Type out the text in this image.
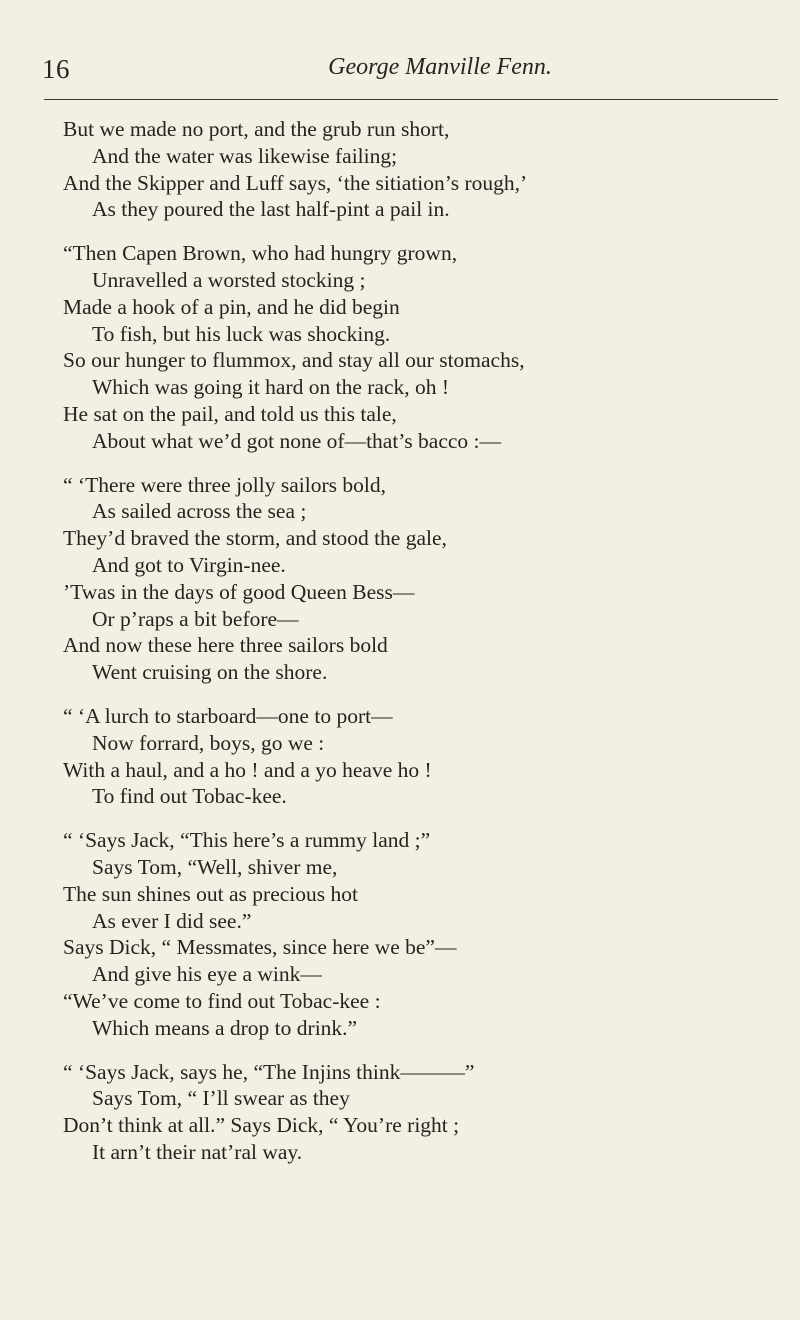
16	George Manville Fenn.
But we made no port, and the grub run short,
And the water was likewise failing;
And the Skipper and Luff says, ‘the sitiation’s rough,’
As they poured the last half-pint a pail in.
“Then Capen Brown, who had hungry grown,
Unravelled a worsted stocking ;
Made a hook of a pin, and he did begin
To fish, but his luck was shocking.
So our hunger to flummox, and stay all our stomachs,
Which was going it hard on the rack, oh !
He sat on the pail, and told us this tale,
About what we’d got none of—that’s bacco :—
“ ‘There were three jolly sailors bold,
As sailed across the sea ;
They’d braved the storm, and stood the gale,
And got to Virgin-nee.
’Twas in the days of good Queen Bess—
Or p’raps a bit before—
And now these here three sailors bold
Went cruising on the shore.
“ ‘A lurch to starboard—one to port—
Now forrard, boys, go we :
With a haul, and a ho ! and a yo heave ho !
To find out Tobac-kee.
“ ‘Says Jack, “This here’s a rummy land ;”
Says Tom, “Well, shiver me,
The sun shines out as precious hot
As ever I did see.”
Says Dick, “ Messmates, since here we be”—
And give his eye a wink—
“We’ve come to find out Tobac-kee :
Which means a drop to drink.”
“ ‘Says Jack, says he, “The Injins think———”
Says Tom, “ I’ll swear as they
Don’t think at all.” Says Dick, “ You’re right ;
It arn’t their nat’ral way.
